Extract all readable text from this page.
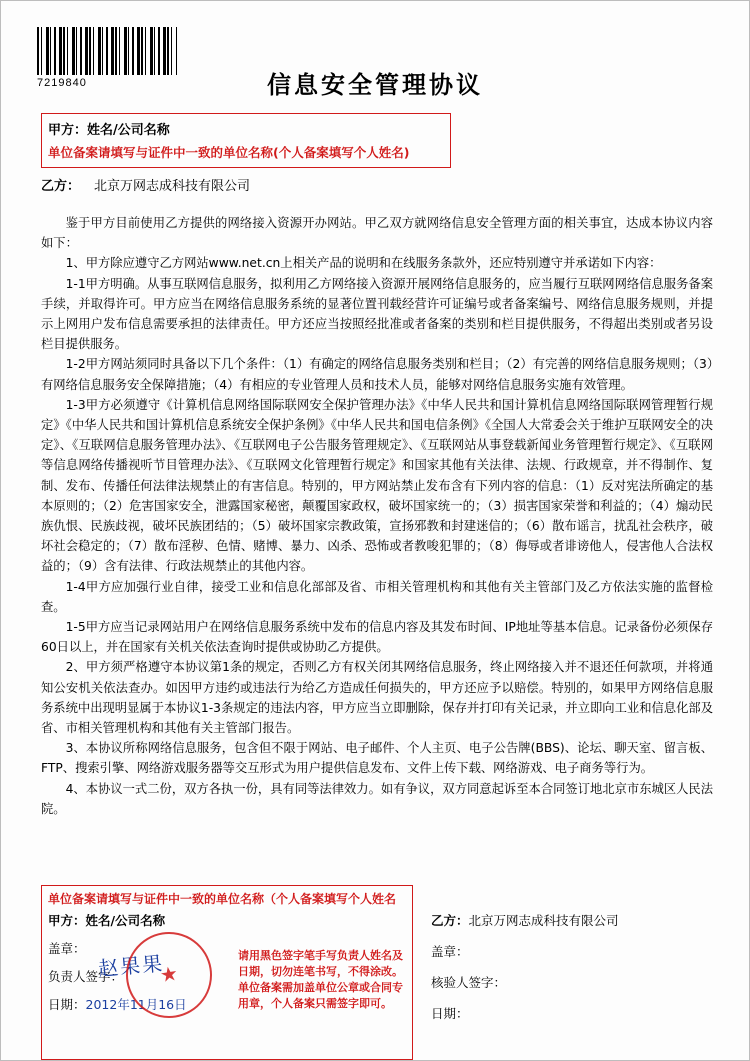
7219840	信息安全管理协议

甲方：姓名/公司名称

单位备案请填写与证件中一致的单位名称(个人备案填写个人姓名)

乙方： 北京万网志成科技有限公司

鉴于甲方目前使用乙方提供的网络接入资源开办网站。甲乙双方就网络信息安全管理方面的相关事宜，达成本协议内容如下：

1、甲方除应遵守乙方网站www.net.cn上相关产品的说明和在线服务条款外，还应特别遵守并承诺如下内容：

1-1甲方明确。从事互联网信息服务，拟利用乙方网络接入资源开展网络信息服务的，应当履行互联网网络信息服务备案手续，并取得许可。甲方应当在网络信息服务系统的显著位置刊载经营许可证编号或者备案编号、网络信息服务规则，并提示上网用户发布信息需要承担的法律责任。甲方还应当按照经批准或者备案的类别和栏目提供服务，不得超出类别或者另设栏目提供服务。

1-2甲方网站须同时具备以下几个条件：（1）有确定的网络信息服务类别和栏目；（2）有完善的网络信息服务规则；（3）有网络信息服务安全保障措施；（4）有相应的专业管理人员和技术人员，能够对网络信息服务实施有效管理。

1-3甲方必须遵守《计算机信息网络国际联网安全保护管理办法》《中华人民共和国计算机信息网络国际联网管理暂行规定》《中华人民共和国计算机信息系统安全保护条例》《中华人民共和国电信条例》《全国人大常委会关于维护互联网安全的决定》、《互联网信息服务管理办法》、《互联网电子公告服务管理规定》、《互联网站从事登载新闻业务管理暂行规定》、《互联网等信息网络传播视听节目管理办法》、《互联网文化管理暂行规定》和国家其他有关法律、法规、行政规章，并不得制作、复制、发布、传播任何法律法规禁止的有害信息。特别的，甲方网站禁止发布含有下列内容的信息：（1）反对宪法所确定的基本原则的；（2）危害国家安全，泄露国家秘密，颠覆国家政权，破坏国家统一的；（3）损害国家荣誉和利益的；（4）煽动民族仇恨、民族歧视，破坏民族团结的；（5）破坏国家宗教政策，宣扬邪教和封建迷信的；（6）散布谣言，扰乱社会秩序，破坏社会稳定的；（7）散布淫秽、色情、赌博、暴力、凶杀、恐怖或者教唆犯罪的；（8）侮辱或者诽谤他人，侵害他人合法权益的；（9）含有法律、行政法规禁止的其他内容。

1-4甲方应加强行业自律，接受工业和信息化部部及省、市相关管理机构和其他有关主管部门及乙方依法实施的监督检查。

1-5甲方应当记录网站用户在网络信息服务系统中发布的信息内容及其发布时间、IP地址等基本信息。记录备份必须保存60日以上，并在国家有关机关依法查询时提供或协助乙方提供。

2、甲方须严格遵守本协议第1条的规定，否则乙方有权关闭其网络信息服务，终止网络接入并不退还任何款项，并将通知公安机关依法查办。如因甲方违约或违法行为给乙方造成任何损失的，甲方还应予以赔偿。特别的，如果甲方网络信息服务系统中出现明显属于本协议1-3条规定的违法内容，甲方应当立即删除，保存并打印有关记录，并立即向工业和信息化部及省、市相关管理机构和其他有关主管部门报告。

3、本协议所称网络信息服务，包含但不限于网站、电子邮件、个人主页、电子公告牌(BBS)、论坛、聊天室、留言板、FTP、搜索引擎、网络游戏服务器等交互形式为用户提供信息发布、文件上传下载、网络游戏、电子商务等行为。

4、本协议一式二份，双方各执一份，具有同等法律效力。如有争议，双方同意起诉至本合同签订地北京市东城区人民法院。

单位备案请填写与证件中一致的单位名称（个人备案填写个人姓名

甲方：姓名/公司名称

盖章：

负责人签字：

日期：2012年11月16日

赵果果
★
请用黑色签字笔手写负责人姓名及日期，切勿连笔书写，不得涂改。单位备案需加盖单位公章或合同专用章，个人备案只需签字即可。

乙方：北京万网志成科技有限公司

盖章：

核验人签字：

日期：
